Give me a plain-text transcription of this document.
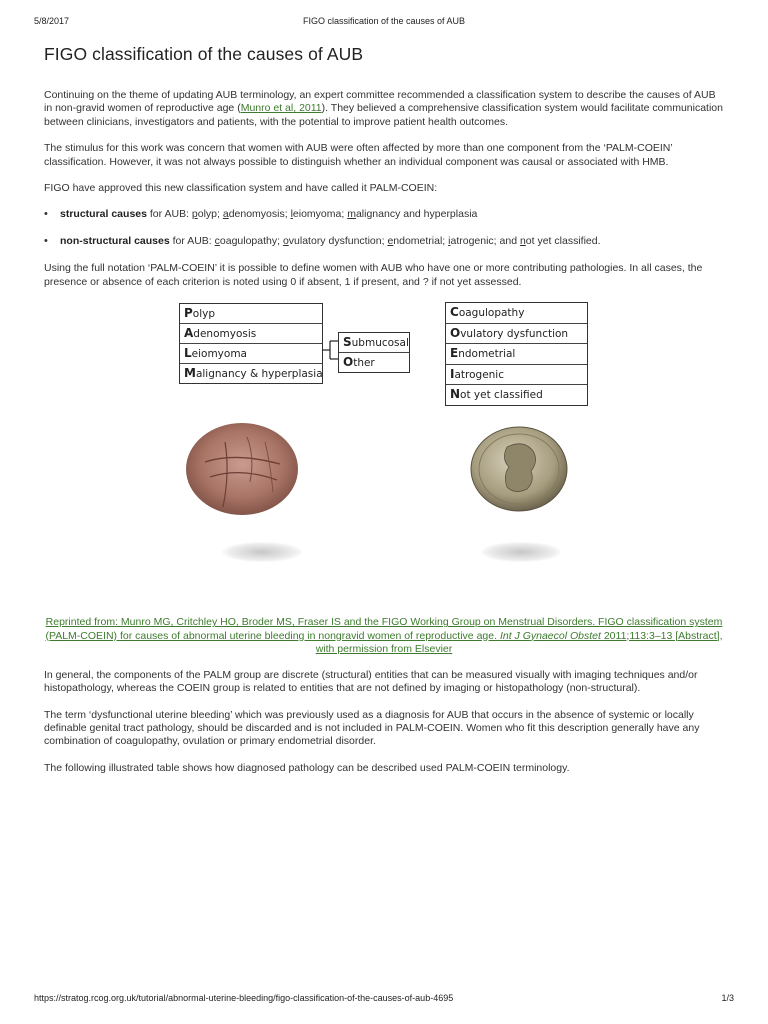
5/8/2017	FIGO classification of the causes of AUB
FIGO classification of the causes of AUB

Continuing on the theme of updating AUB terminology, an expert committee recommended a classification system to describe the causes of AUB in non-gravid women of reproductive age (Munro et al, 2011). They believed a comprehensive classification system would facilitate communication between clinicians, investigators and patients, with the potential to improve patient health outcomes.

The stimulus for this work was concern that women with AUB were often affected by more than one component from the ‘PALM-COEIN’ classification. However, it was not always possible to distinguish whether an individual component was causal or associated with HMB.

FIGO have approved this new classification system and have called it PALM-COEIN:

• structural causes for AUB: polyp; adenomyosis; leiomyoma; malignancy and hyperplasia
• non-structural causes for AUB: coagulopathy; ovulatory dysfunction; endometrial; iatrogenic; and not yet classified.

Using the full notation ‘PALM-COEIN’ it is possible to define women with AUB who have one or more contributing pathologies. In all cases, the presence or absence of each criterion is noted using 0 if absent, 1 if present, and ? if not yet assessed.

Polyp
Adenomyosis
Leiomyoma
Malignancy & hyperplasia
Submucosal
Other
Coagulopathy
Ovulatory dysfunction
Endometrial
Iatrogenic
Not yet classified

Reprinted from: Munro MG, Critchley HO, Broder MS, Fraser IS and the FIGO Working Group on Menstrual Disorders. FIGO classification system (PALM-COEIN) for causes of abnormal uterine bleeding in nongravid women of reproductive age. Int J Gynaecol Obstet 2011;113:3–13 [Abstract], with permission from Elsevier

In general, the components of the PALM group are discrete (structural) entities that can be measured visually with imaging techniques and/or histopathology, whereas the COEIN group is related to entities that are not defined by imaging or histopathology (non-structural).

The term ‘dysfunctional uterine bleeding’ which was previously used as a diagnosis for AUB that occurs in the absence of systemic or locally definable genital tract pathology, should be discarded and is not included in PALM-COEIN. Women who fit this description generally have any combination of coagulopathy, ovulation or primary endometrial disorder.

The following illustrated table shows how diagnosed pathology can be described used PALM-COEIN terminology.

https://stratog.rcog.org.uk/tutorial/abnormal-uterine-bleeding/figo-classification-of-the-causes-of-aub-4695	1/3
